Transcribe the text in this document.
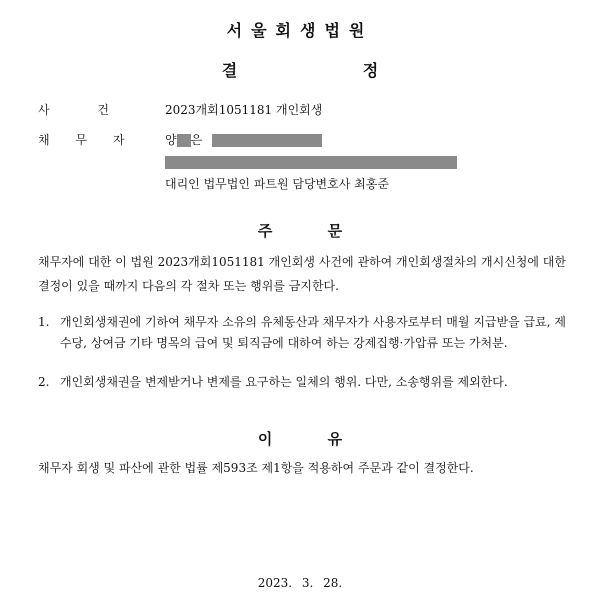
서울회생법원
결 정
사 건	2023개회1051181 개인회생
채 무 자	양 은
대리인 법무법인 파트원 담당변호사 최홍준
주 문
채무자에 대한 이 법원 2023개회1051181 개인회생 사건에 관하여 개인회생절차의 개시신청에 대한 결정이 있을 때까지 다음의 각 절차 또는 행위를 금지한다.
1. 개인회생채권에 기하여 채무자 소유의 유체동산과 채무자가 사용자로부터 매월 지급받을 급료, 제수당, 상여금 기타 명목의 급여 및 퇴직금에 대하여 하는 강제집행·가압류 또는 가처분.
2. 개인회생채권을 변제받거나 변제를 요구하는 일체의 행위. 다만, 소송행위를 제외한다.
이 유
채무자 회생 및 파산에 관한 법률 제593조 제1항을 적용하여 주문과 같이 결정한다.
2023. 3. 28.
